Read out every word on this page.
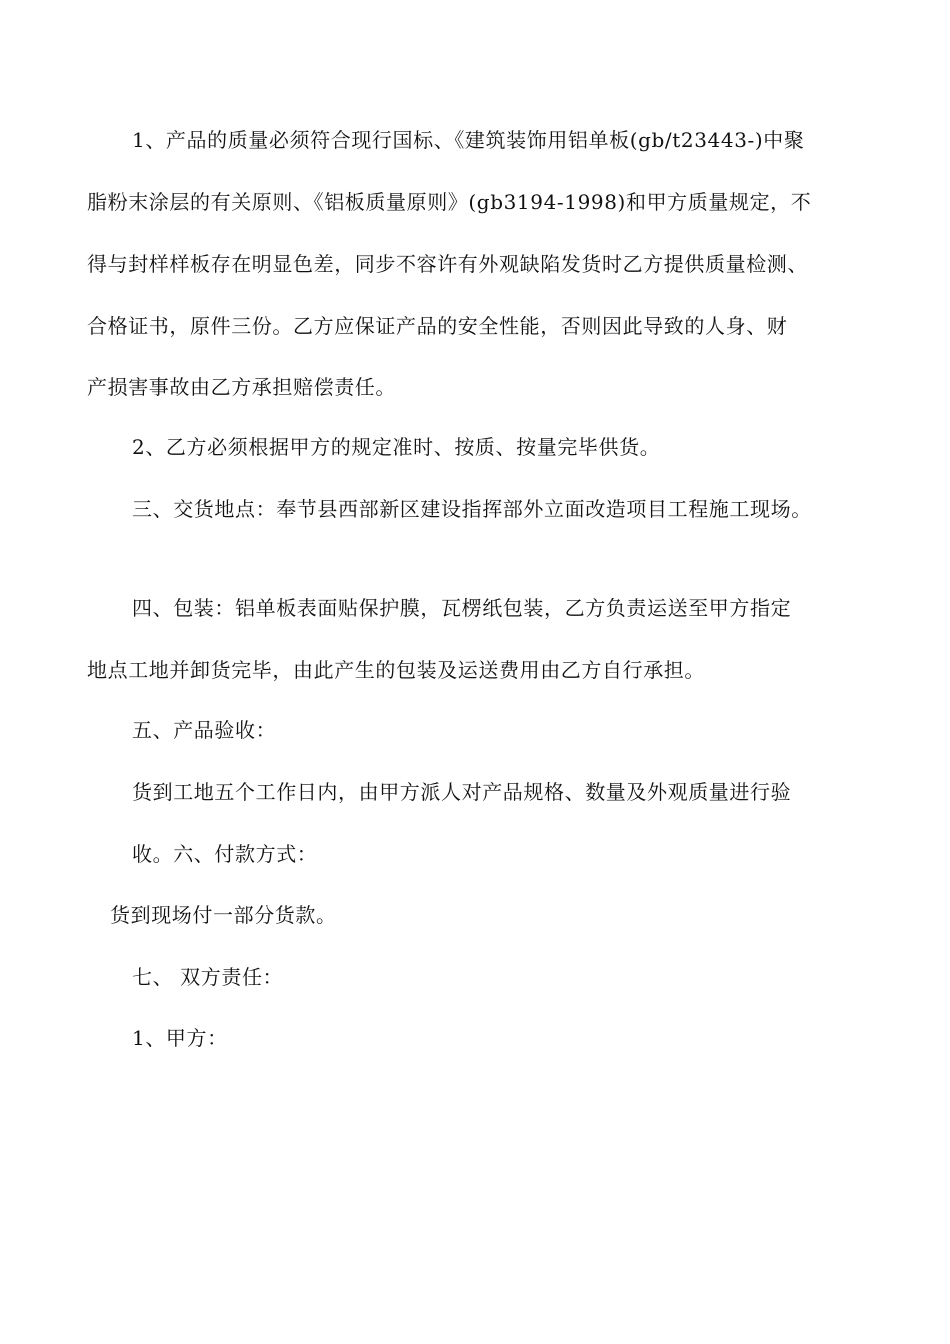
1、产品的质量必须符合现行国标、《建筑装饰用铝单板(gb/t23443-)中聚
脂粉末涂层的有关原则、《铝板质量原则》(gb3194-1998)和甲方质量规定，不
得与封样样板存在明显色差，同步不容许有外观缺陷发货时乙方提供质量检测、
合格证书，原件三份。乙方应保证产品的安全性能，否则因此导致的人身、财
产损害事故由乙方承担赔偿责任。
2、乙方必须根据甲方的规定准时、按质、按量完毕供货。
三、交货地点：奉节县西部新区建设指挥部外立面改造项目工程施工现场。
四、包装：铝单板表面贴保护膜，瓦楞纸包装，乙方负责运送至甲方指定
地点工地并卸货完毕，由此产生的包装及运送费用由乙方自行承担。
五、产品验收：
货到工地五个工作日内，由甲方派人对产品规格、数量及外观质量进行验
收。六、付款方式：
货到现场付一部分货款。
七、 双方责任：
1、甲方：
